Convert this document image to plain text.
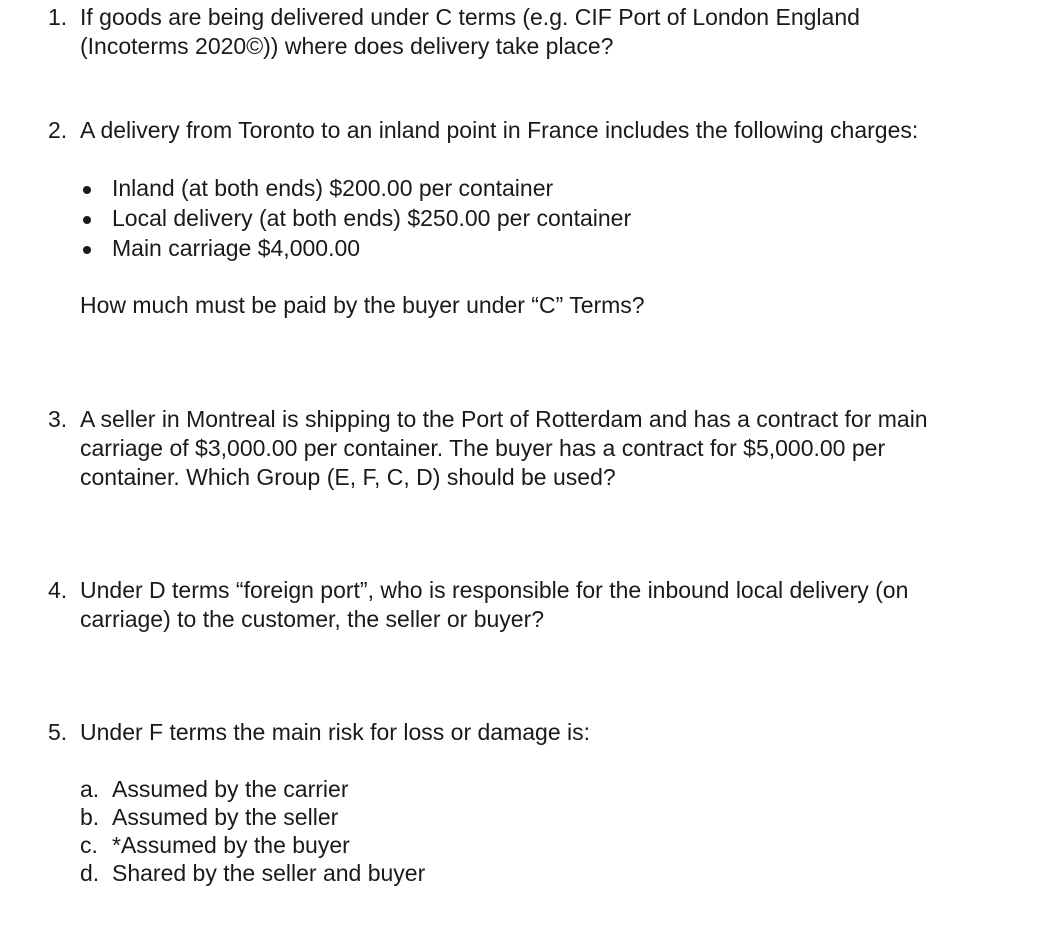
1. If goods are being delivered under C terms (e.g. CIF Port of London England
(Incoterms 2020©)) where does delivery take place?
2. A delivery from Toronto to an inland point in France includes the following charges:
Inland (at both ends) $200.00 per container
Local delivery (at both ends) $250.00 per container
Main carriage $4,000.00
How much must be paid by the buyer under “C” Terms?
3. A seller in Montreal is shipping to the Port of Rotterdam and has a contract for main
carriage of $3,000.00 per container. The buyer has a contract for $5,000.00 per
container. Which Group (E, F, C, D) should be used?
4. Under D terms “foreign port”, who is responsible for the inbound local delivery (on
carriage) to the customer, the seller or buyer?
5. Under F terms the main risk for loss or damage is:
a. Assumed by the carrier
b. Assumed by the seller
c. *Assumed by the buyer
d. Shared by the seller and buyer
